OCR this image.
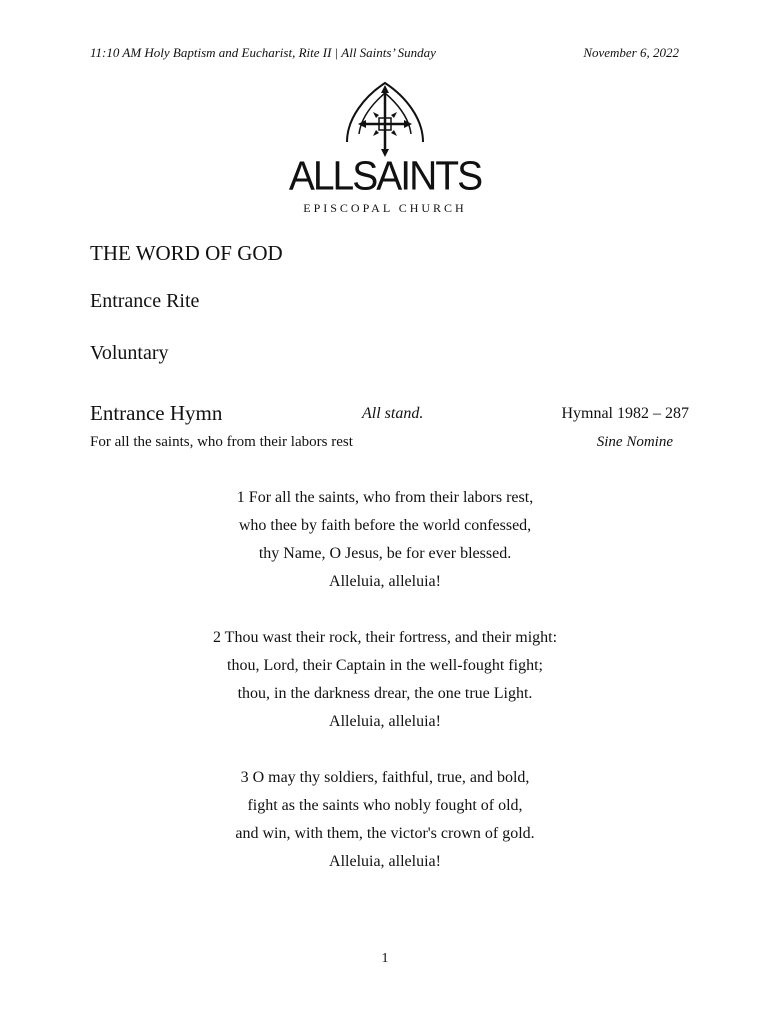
11:10 AM Holy Baptism and Eucharist, Rite II | All Saints’ Sunday	November 6, 2022
ALLSAINTS
EPISCOPAL CHURCH
THE WORD OF GOD
Entrance Rite
Voluntary
Entrance Hymn	All stand.	Hymnal 1982 – 287
For all the saints, who from their labors rest	Sine Nomine
1 For all the saints, who from their labors rest,
who thee by faith before the world confessed,
thy Name, O Jesus, be for ever blessed.
Alleluia, alleluia!
2 Thou wast their rock, their fortress, and their might:
thou, Lord, their Captain in the well-fought fight;
thou, in the darkness drear, the one true Light.
Alleluia, alleluia!
3 O may thy soldiers, faithful, true, and bold,
fight as the saints who nobly fought of old,
and win, with them, the victor's crown of gold.
Alleluia, alleluia!
1
